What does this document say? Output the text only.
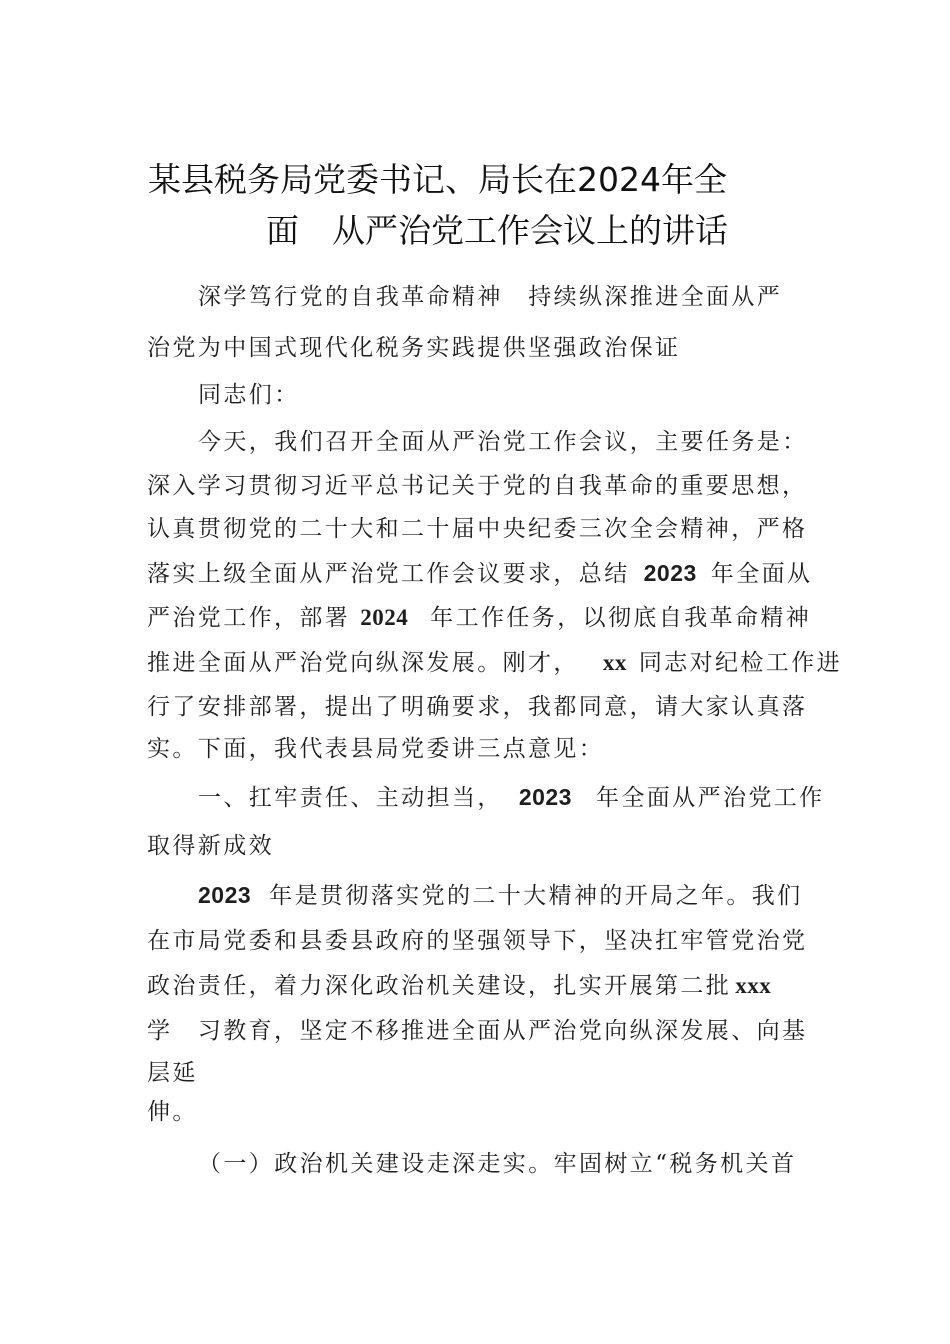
某县税务局党委书记、局长在2024年全
面　从严治党工作会议上的讲话
深学笃行党的自我革命精神　持续纵深推进全面从严
治党为中国式现代化税务实践提供坚强政治保证
同志们：
今天，我们召开全面从严治党工作会议，主要任务是：
深入学习贯彻习近平总书记关于党的自我革命的重要思想，
认真贯彻党的二十大和二十届中央纪委三次全会精神，严格
落实上级全面从严治党工作会议要求，总结 2023 年全面从
严治党工作，部署 2024 年工作任务，以彻底自我革命精神
推进全面从严治党向纵深发展。刚才， xx 同志对纪检工作进
行了安排部署，提出了明确要求，我都同意，请大家认真落
实。下面，我代表县局党委讲三点意见：
一、扛牢责任、主动担当， 2023 年全面从严治党工作
取得新成效
2023 年是贯彻落实党的二十大精神的开局之年。我们
在市局党委和县委县政府的坚强领导下，坚决扛牢管党治党
政治责任，着力深化政治机关建设，扎实开展第二批 xxx
学　习教育，坚定不移推进全面从严治党向纵深发展、向基
层延
伸。
（一）政治机关建设走深走实。牢固树立“税务机关首
